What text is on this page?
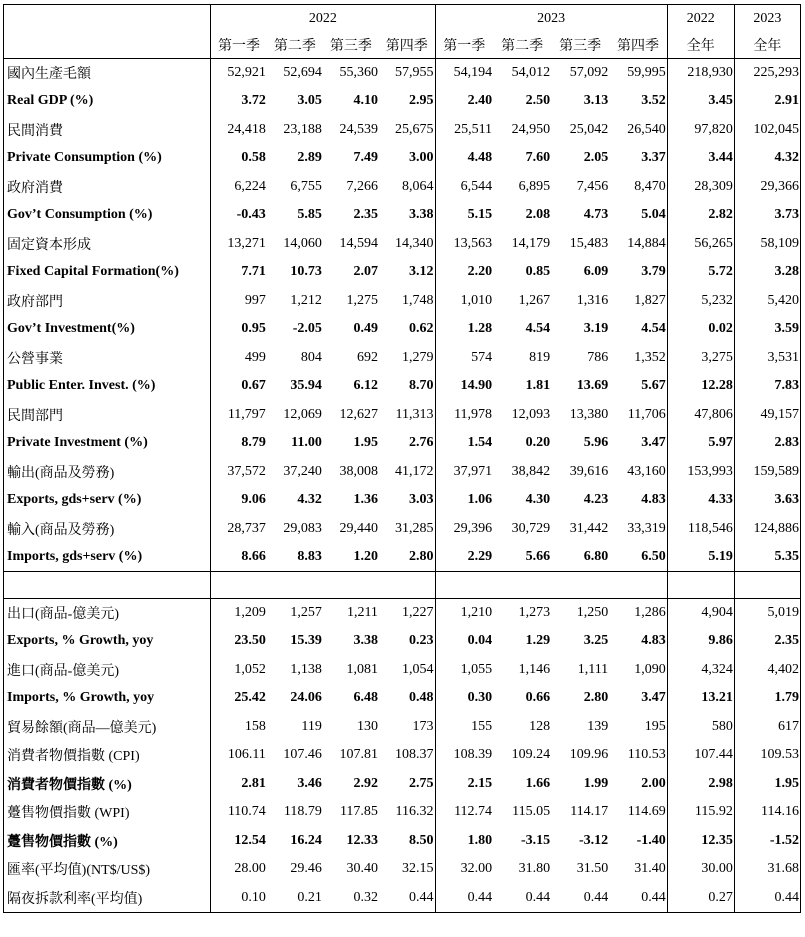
	2022				2023				2022	2023
	第一季	第二季	第三季	第四季	第一季	第二季	第三季	第四季	全年	全年
國內生產毛額	52,921	52,694	55,360	57,955	54,194	54,012	57,092	59,995	218,930	225,293
Real GDP (%)	3.72	3.05	4.10	2.95	2.40	2.50	3.13	3.52	3.45	2.91
民間消費	24,418	23,188	24,539	25,675	25,511	24,950	25,042	26,540	97,820	102,045
Private Consumption (%)	0.58	2.89	7.49	3.00	4.48	7.60	2.05	3.37	3.44	4.32
政府消費	6,224	6,755	7,266	8,064	6,544	6,895	7,456	8,470	28,309	29,366
Gov’t Consumption (%)	-0.43	5.85	2.35	3.38	5.15	2.08	4.73	5.04	2.82	3.73
固定資本形成	13,271	14,060	14,594	14,340	13,563	14,179	15,483	14,884	56,265	58,109
Fixed Capital Formation(%)	7.71	10.73	2.07	3.12	2.20	0.85	6.09	3.79	5.72	3.28
政府部門	997	1,212	1,275	1,748	1,010	1,267	1,316	1,827	5,232	5,420
Gov’t Investment(%)	0.95	-2.05	0.49	0.62	1.28	4.54	3.19	4.54	0.02	3.59
公營事業	499	804	692	1,279	574	819	786	1,352	3,275	3,531
Public Enter. Invest. (%)	0.67	35.94	6.12	8.70	14.90	1.81	13.69	5.67	12.28	7.83
民間部門	11,797	12,069	12,627	11,313	11,978	12,093	13,380	11,706	47,806	49,157
Private Investment (%)	8.79	11.00	1.95	2.76	1.54	0.20	5.96	3.47	5.97	2.83
輸出(商品及勞務)	37,572	37,240	38,008	41,172	37,971	38,842	39,616	43,160	153,993	159,589
Exports, gds+serv (%)	9.06	4.32	1.36	3.03	1.06	4.30	4.23	4.83	4.33	3.63
輸入(商品及勞務)	28,737	29,083	29,440	31,285	29,396	30,729	31,442	33,319	118,546	124,886
Imports, gds+serv (%)	8.66	8.83	1.20	2.80	2.29	5.66	6.80	6.50	5.19	5.35

出口(商品-億美元)	1,209	1,257	1,211	1,227	1,210	1,273	1,250	1,286	4,904	5,019
Exports, % Growth, yoy	23.50	15.39	3.38	0.23	0.04	1.29	3.25	4.83	9.86	2.35
進口(商品-億美元)	1,052	1,138	1,081	1,054	1,055	1,146	1,111	1,090	4,324	4,402
Imports, % Growth, yoy	25.42	24.06	6.48	0.48	0.30	0.66	2.80	3.47	13.21	1.79
貿易餘額(商品—億美元)	158	119	130	173	155	128	139	195	580	617
消費者物價指數 (CPI)	106.11	107.46	107.81	108.37	108.39	109.24	109.96	110.53	107.44	109.53
消費者物價指數 (%)	2.81	3.46	2.92	2.75	2.15	1.66	1.99	2.00	2.98	1.95
躉售物價指數 (WPI)	110.74	118.79	117.85	116.32	112.74	115.05	114.17	114.69	115.92	114.16
躉售物價指數 (%)	12.54	16.24	12.33	8.50	1.80	-3.15	-3.12	-1.40	12.35	-1.52
匯率(平均值)(NT$/US$)	28.00	29.46	30.40	32.15	32.00	31.80	31.50	31.40	30.00	31.68
隔夜拆款利率(平均值)	0.10	0.21	0.32	0.44	0.44	0.44	0.44	0.44	0.27	0.44
